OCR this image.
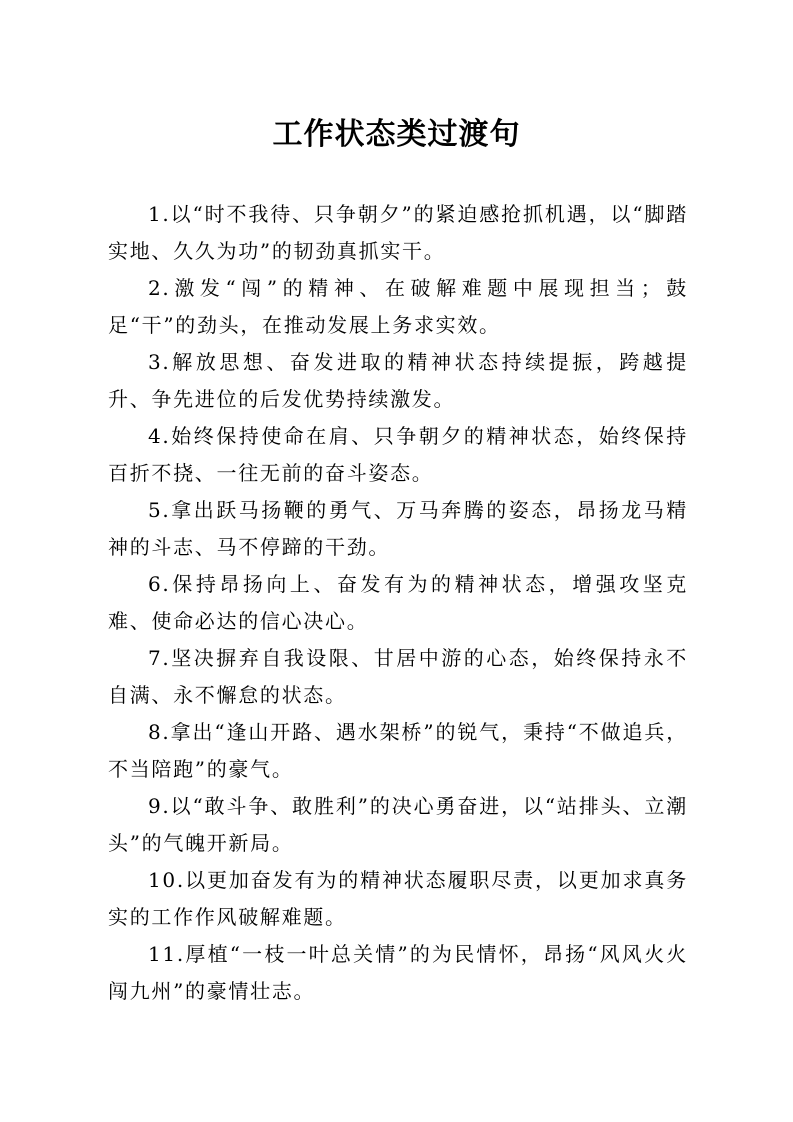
工作状态类过渡句

1.以“时不我待、只争朝夕”的紧迫感抢抓机遇，以“脚踏实地、久久为功”的韧劲真抓实干。

2.激发“闯”的精神、在破解难题中展现担当；鼓足“干”的劲头，在推动发展上务求实效。

3.解放思想、奋发进取的精神状态持续提振，跨越提升、争先进位的后发优势持续激发。

4.始终保持使命在肩、只争朝夕的精神状态，始终保持百折不挠、一往无前的奋斗姿态。

5.拿出跃马扬鞭的勇气、万马奔腾的姿态，昂扬龙马精神的斗志、马不停蹄的干劲。

6.保持昂扬向上、奋发有为的精神状态，增强攻坚克难、使命必达的信心决心。

7.坚决摒弃自我设限、甘居中游的心态，始终保持永不自满、永不懈怠的状态。

8.拿出“逢山开路、遇水架桥”的锐气，秉持“不做追兵，不当陪跑”的豪气。

9.以“敢斗争、敢胜利”的决心勇奋进，以“站排头、立潮头”的气魄开新局。

10.以更加奋发有为的精神状态履职尽责，以更加求真务实的工作作风破解难题。

11.厚植“一枝一叶总关情”的为民情怀，昂扬“风风火火闯九州”的豪情壮志。
